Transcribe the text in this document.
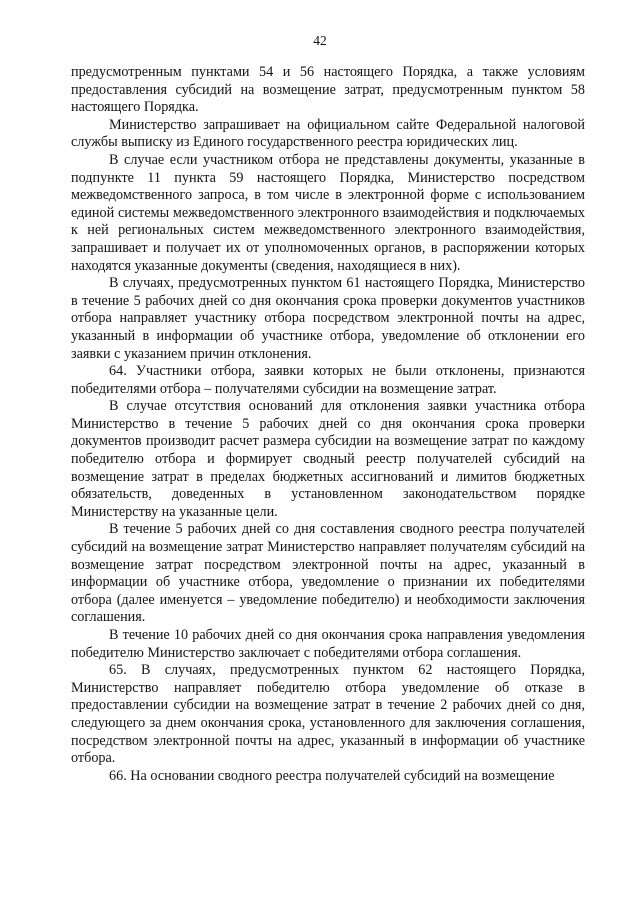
42

предусмотренным пунктами 54 и 56 настоящего Порядка, а также условиям предоставления субсидий на возмещение затрат, предусмотренным пунктом 58 настоящего Порядка.

Министерство запрашивает на официальном сайте Федеральной налоговой службы выписку из Единого государственного реестра юридических лиц.

В случае если участником отбора не представлены документы, указанные в подпункте 11 пункта 59 настоящего Порядка, Министерство посредством межведомственного запроса, в том числе в электронной форме с использованием единой системы межведомственного электронного взаимодействия и подключаемых к ней региональных систем межведомственного электронного взаимодействия, запрашивает и получает их от уполномоченных органов, в распоряжении которых находятся указанные документы (сведения, находящиеся в них).

В случаях, предусмотренных пунктом 61 настоящего Порядка, Министерство в течение 5 рабочих дней со дня окончания срока проверки документов участников отбора направляет участнику отбора посредством электронной почты на адрес, указанный в информации об участнике отбора, уведомление об отклонении его заявки с указанием причин отклонения.

64. Участники отбора, заявки которых не были отклонены, признаются победителями отбора – получателями субсидии на возмещение затрат.

В случае отсутствия оснований для отклонения заявки участника отбора Министерство в течение 5 рабочих дней со дня окончания срока проверки документов производит расчет размера субсидии на возмещение затрат по каждому победителю отбора и формирует сводный реестр получателей субсидий на возмещение затрат в пределах бюджетных ассигнований и лимитов бюджетных обязательств, доведенных в установленном законодательством порядке Министерству на указанные цели.

В течение 5 рабочих дней со дня составления сводного реестра получателей субсидий на возмещение затрат Министерство направляет получателям субсидий на возмещение затрат посредством электронной почты на адрес, указанный в информации об участнике отбора, уведомление о признании их победителями отбора (далее именуется – уведомление победителю) и необходимости заключения соглашения.

В течение 10 рабочих дней со дня окончания срока направления уведомления победителю Министерство заключает с победителями отбора соглашения.

65. В случаях, предусмотренных пунктом 62 настоящего Порядка, Министерство направляет победителю отбора уведомление об отказе в предоставлении субсидии на возмещение затрат в течение 2 рабочих дней со дня, следующего за днем окончания срока, установленного для заключения соглашения, посредством электронной почты на адрес, указанный в информации об участнике отбора.

66. На основании сводного реестра получателей субсидий на возмещение
